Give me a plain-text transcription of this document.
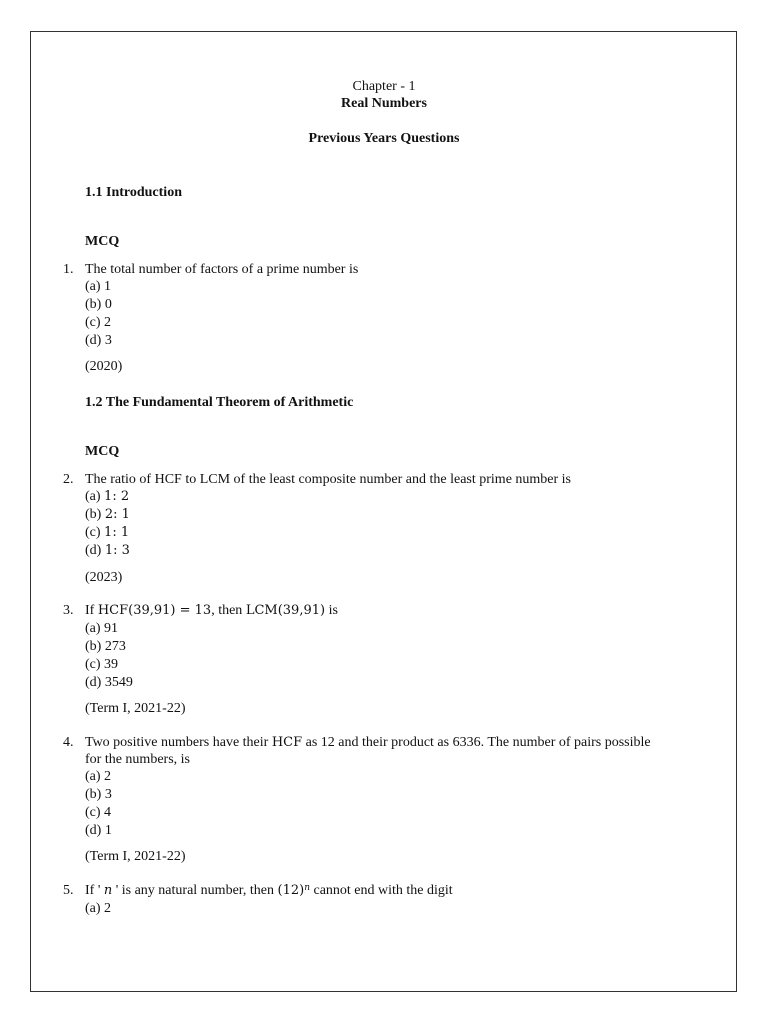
Chapter - 1
Real Numbers
Previous Years Questions
1.1 Introduction
MCQ
1. The total number of factors of a prime number is
(a) 1
(b) 0
(c) 2
(d) 3
(2020)
1.2 The Fundamental Theorem of Arithmetic
MCQ
2. The ratio of HCF to LCM of the least composite number and the least prime number is
(a) 1: 2
(b) 2: 1
(c) 1: 1
(d) 1: 3
(2023)
3. If HCF(39,91) = 13, then LCM(39,91) is
(a) 91
(b) 273
(c) 39
(d) 3549
(Term I, 2021-22)
4. Two positive numbers have their HCF as 12 and their product as 6336. The number of pairs possible
for the numbers, is
(a) 2
(b) 3
(c) 4
(d) 1
(Term I, 2021-22)
5. If ' n ' is any natural number, then $(12)^n$ cannot end with the digit
(a) 2
